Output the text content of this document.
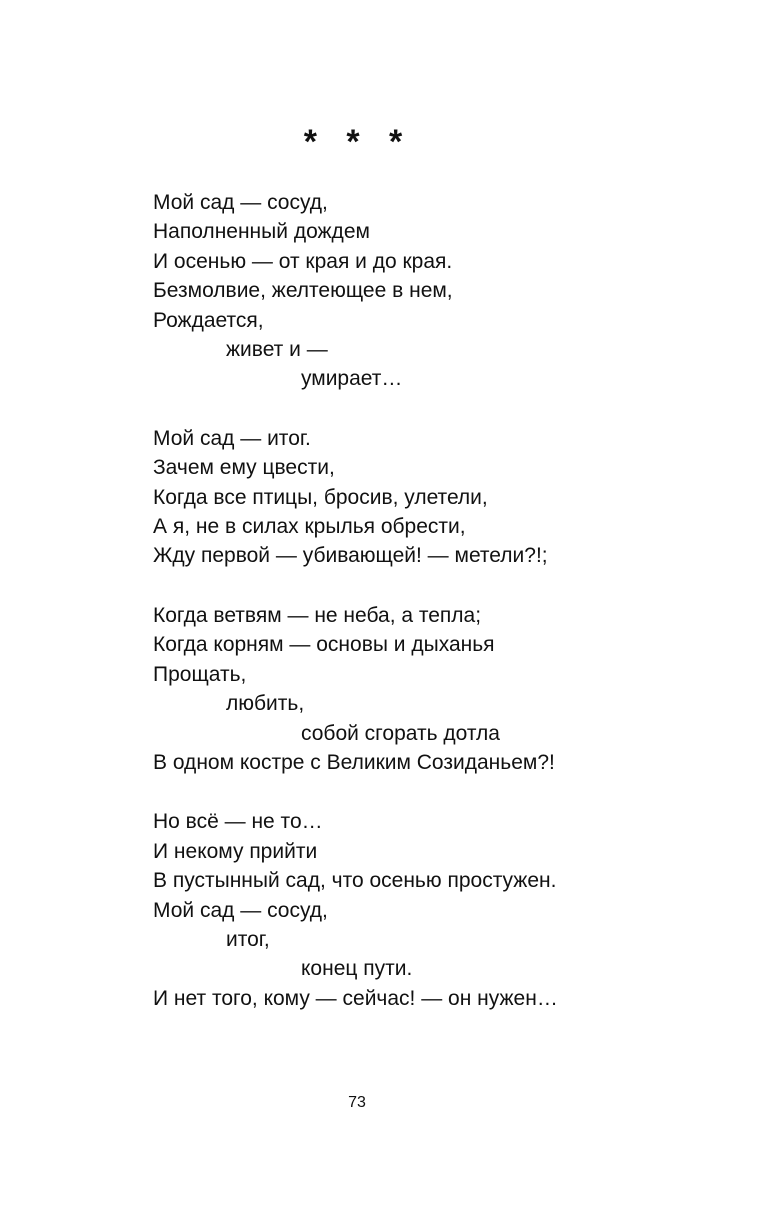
* * *
Мой сад — сосуд,
Наполненный дождем
И осенью — от края и до края.
Безмолвие, желтеющее в нем,
Рождается,
живет и —
умирает…
Мой сад — итог.
Зачем ему цвести,
Когда все птицы, бросив, улетели,
А я, не в силах крылья обрести,
Жду первой — убивающей! — метели?!;
Когда ветвям — не неба, а тепла;
Когда корням — основы и дыханья
Прощать,
любить,
собой сгорать дотла
В одном костре с Великим Созиданьем?!
Но всё — не то…
И некому прийти
В пустынный сад, что осенью простужен.
Мой сад — сосуд,
итог,
конец пути.
И нет того, кому — сейчас! — он нужен…
73
